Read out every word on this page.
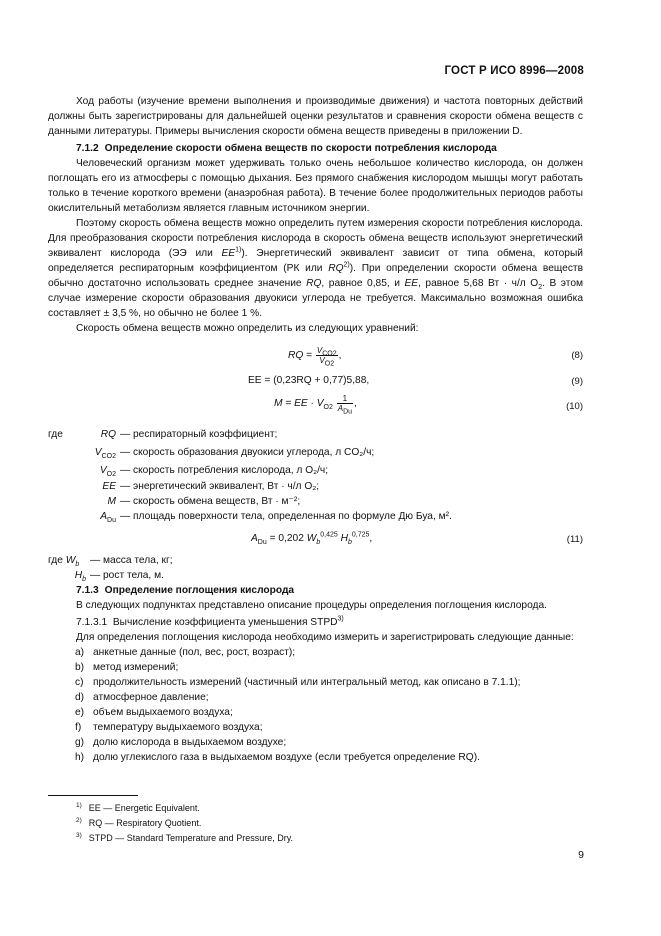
ГОСТ Р ИСО 8996—2008

Ход работы (изучение времени выполнения и производимые движения) и частота повторных действий должны быть зарегистрированы для дальнейшей оценки результатов и сравнения скорости обмена веществ с данными литературы. Примеры вычисления скорости обмена веществ приведены в приложении D.

7.1.2 Определение скорости обмена веществ по скорости потребления кислорода

Человеческий организм может удерживать только очень небольшое количество кислорода, он должен поглощать его из атмосферы с помощью дыхания. Без прямого снабжения кислородом мышцы могут работать только в течение короткого времени (анаэробная работа). В течение более продолжительных периодов работы окислительный метаболизм является главным источником энергии.

Поэтому скорость обмена веществ можно определить путем измерения скорости потребления кислорода. Для преобразования скорости потребления кислорода в скорость обмена веществ используют энергетический эквивалент кислорода (ЭЭ или EE$^{1)}$). Энергетический эквивалент зависит от типа обмена, который определяется респираторным коэффициентом (РК или RQ$^{2)}$). При определении скорости обмена веществ обычно достаточно использовать среднее значение RQ, равное 0,85, и EE, равное 5,68 Вт · ч/л $O_2$. В этом случае измерение скорости образования двуокиси углерода не требуется. Максимально возможная ошибка составляет ± 3,5 %, но обычно не более 1 %.

Скорость обмена веществ можно определить из следующих уравнений:

RQ = $\frac{V_{CO2}}{V_{O2}}$ ,	(8)
EE = (0,23RQ + 0,77)5,88,	(9)
M = EE · $V_{O2} \frac{1}{A_{Du}}$ ,	(10)
где	RQ — респираторный коэффициент;
$V_{CO2}$ — скорость образования двуокиси углерода, л CO₂/ч;
$V_{O2}$ — скорость потребления кислорода, л O₂/ч;
EE — энергетический эквивалент, Вт · ч/л O₂;
M — скорость обмена веществ, Вт · м⁻²;
$A_{Du}$ — площадь поверхности тела, определенная по формуле Дю Буа, м².
$A_{Du} = 0,202$ $W_b^{0,425}$ $H_b^{0,725}$,	(11)
где $W_b$	— масса тела, кг;
$H_b$ — рост тела, м.

7.1.3 Определение поглощения кислорода

В следующих подпунктах представлено описание процедуры определения поглощения кислорода.

7.1.3.1 Вычисление коэффициента уменьшения STPD$^{3)}$

Для определения поглощения кислорода необходимо измерить и зарегистрировать следующие данные:

a) анкетные данные (пол, вес, рост, возраст);
b) метод измерений;
c) продолжительность измерений (частичный или интегральный метод, как описано в 7.1.1);
d) атмосферное давление;
e) объем выдыхаемого воздуха;
f)	температуру выдыхаемого воздуха;
g) долю кислорода в выдыхаемом воздухе;
h) долю углекислого газа в выдыхаемом воздухе (если требуется определение RQ).
$^{1)}$ EE — Energetic Equivalent.
$^{2)}$ RQ — Respiratory Quotient.
$^{3)}$ STPD — Standard Temperature and Pressure, Dry.
9
